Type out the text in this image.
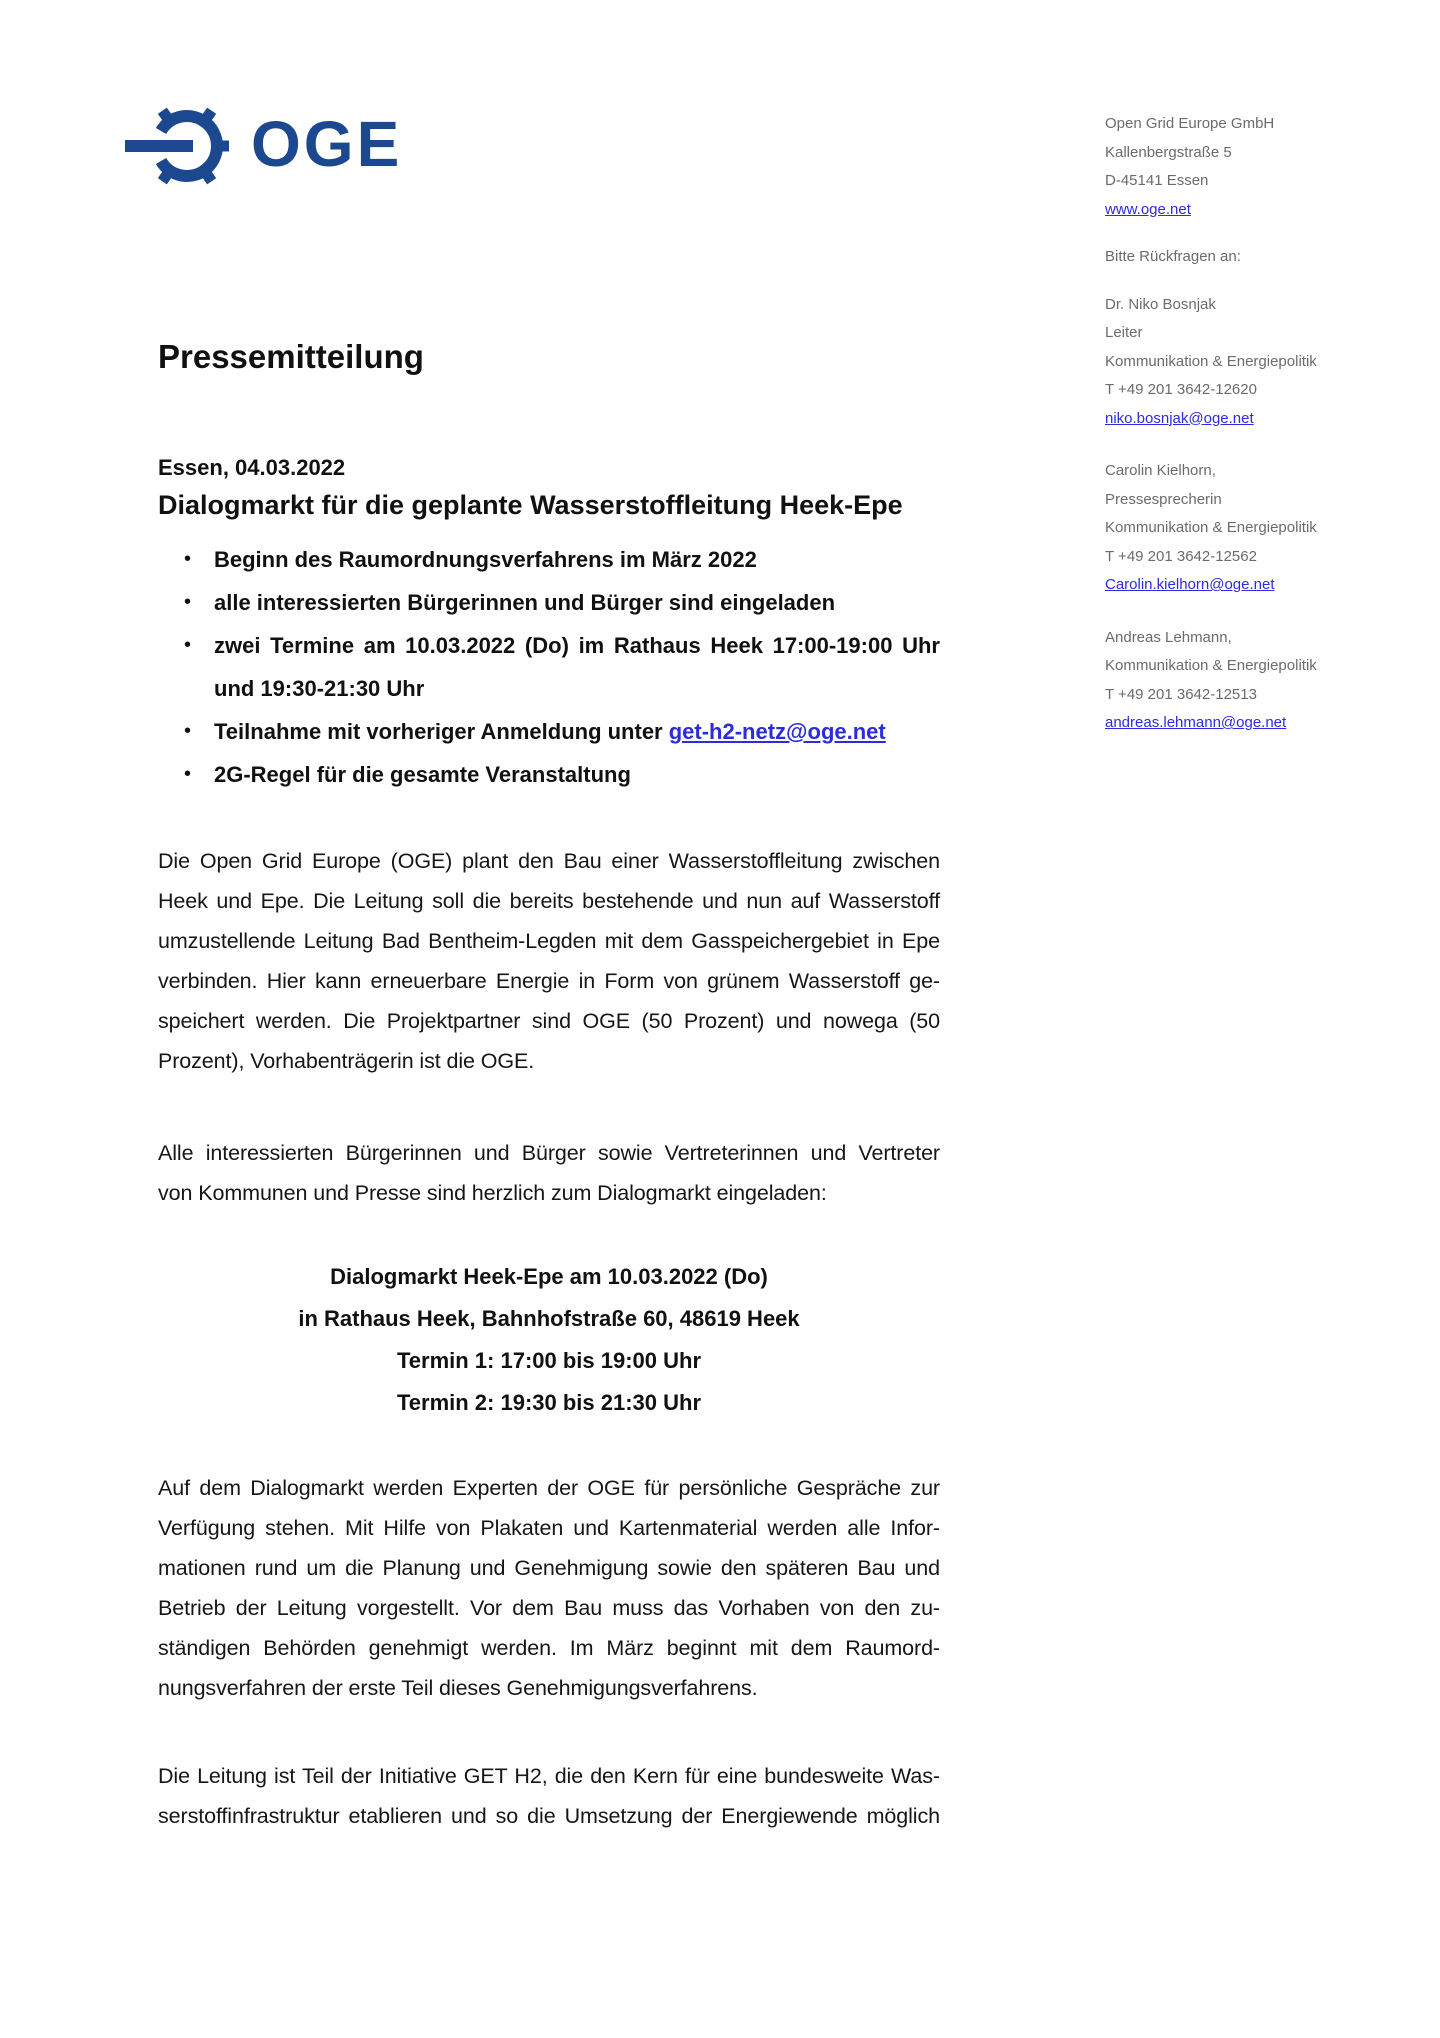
OGE	Open Grid Europe GmbH
Kallenbergstraße 5
D-45141 Essen
www.oge.net
Bitte Rückfragen an:
Dr. Niko Bosnjak
Leiter
Kommunikation & Energiepolitik
T +49 201 3642-12620
niko.bosnjak@oge.net
Carolin Kielhorn,
Pressesprecherin
Kommunikation & Energiepolitik
T +49 201 3642-12562
Carolin.kielhorn@oge.net
Andreas Lehmann,
Kommunikation & Energiepolitik
T +49 201 3642-12513
andreas.lehmann@oge.net
Pressemitteilung

Essen, 04.03.2022

Dialogmarkt für die geplante Wasserstoffleitung Heek-Epe
• Beginn des Raumordnungsverfahrens im März 2022
• alle interessierten Bürgerinnen und Bürger sind eingeladen
• zwei Termine am 10.03.2022 (Do) im Rathaus Heek 17:00-19:00 Uhr
und 19:30-21:30 Uhr
• Teilnahme mit vorheriger Anmeldung unter get-h2-netz@oge.net
• 2G-Regel für die gesamte Veranstaltung
Die Open Grid Europe (OGE) plant den Bau einer Wasserstoffleitung zwischen
Heek und Epe. Die Leitung soll die bereits bestehende und nun auf Wasserstoff
umzustellende Leitung Bad Bentheim-Legden mit dem Gasspeichergebiet in Epe
verbinden. Hier kann erneuerbare Energie in Form von grünem Wasserstoff ge-
speichert werden. Die Projektpartner sind OGE (50 Prozent) und nowega (50
Prozent), Vorhabenträgerin ist die OGE.
Alle interessierten Bürgerinnen und Bürger sowie Vertreterinnen und Vertreter
von Kommunen und Presse sind herzlich zum Dialogmarkt eingeladen:
Dialogmarkt Heek-Epe am 10.03.2022 (Do)
in Rathaus Heek, Bahnhofstraße 60, 48619 Heek
Termin 1: 17:00 bis 19:00 Uhr
Termin 2: 19:30 bis 21:30 Uhr
Auf dem Dialogmarkt werden Experten der OGE für persönliche Gespräche zur
Verfügung stehen. Mit Hilfe von Plakaten und Kartenmaterial werden alle Infor-
mationen rund um die Planung und Genehmigung sowie den späteren Bau und
Betrieb der Leitung vorgestellt. Vor dem Bau muss das Vorhaben von den zu-
ständigen Behörden genehmigt werden. Im März beginnt mit dem Raumord-
nungsverfahren der erste Teil dieses Genehmigungsverfahrens.
Die Leitung ist Teil der Initiative GET H2, die den Kern für eine bundesweite Was-
serstoffinfrastruktur etablieren und so die Umsetzung der Energiewende möglich
